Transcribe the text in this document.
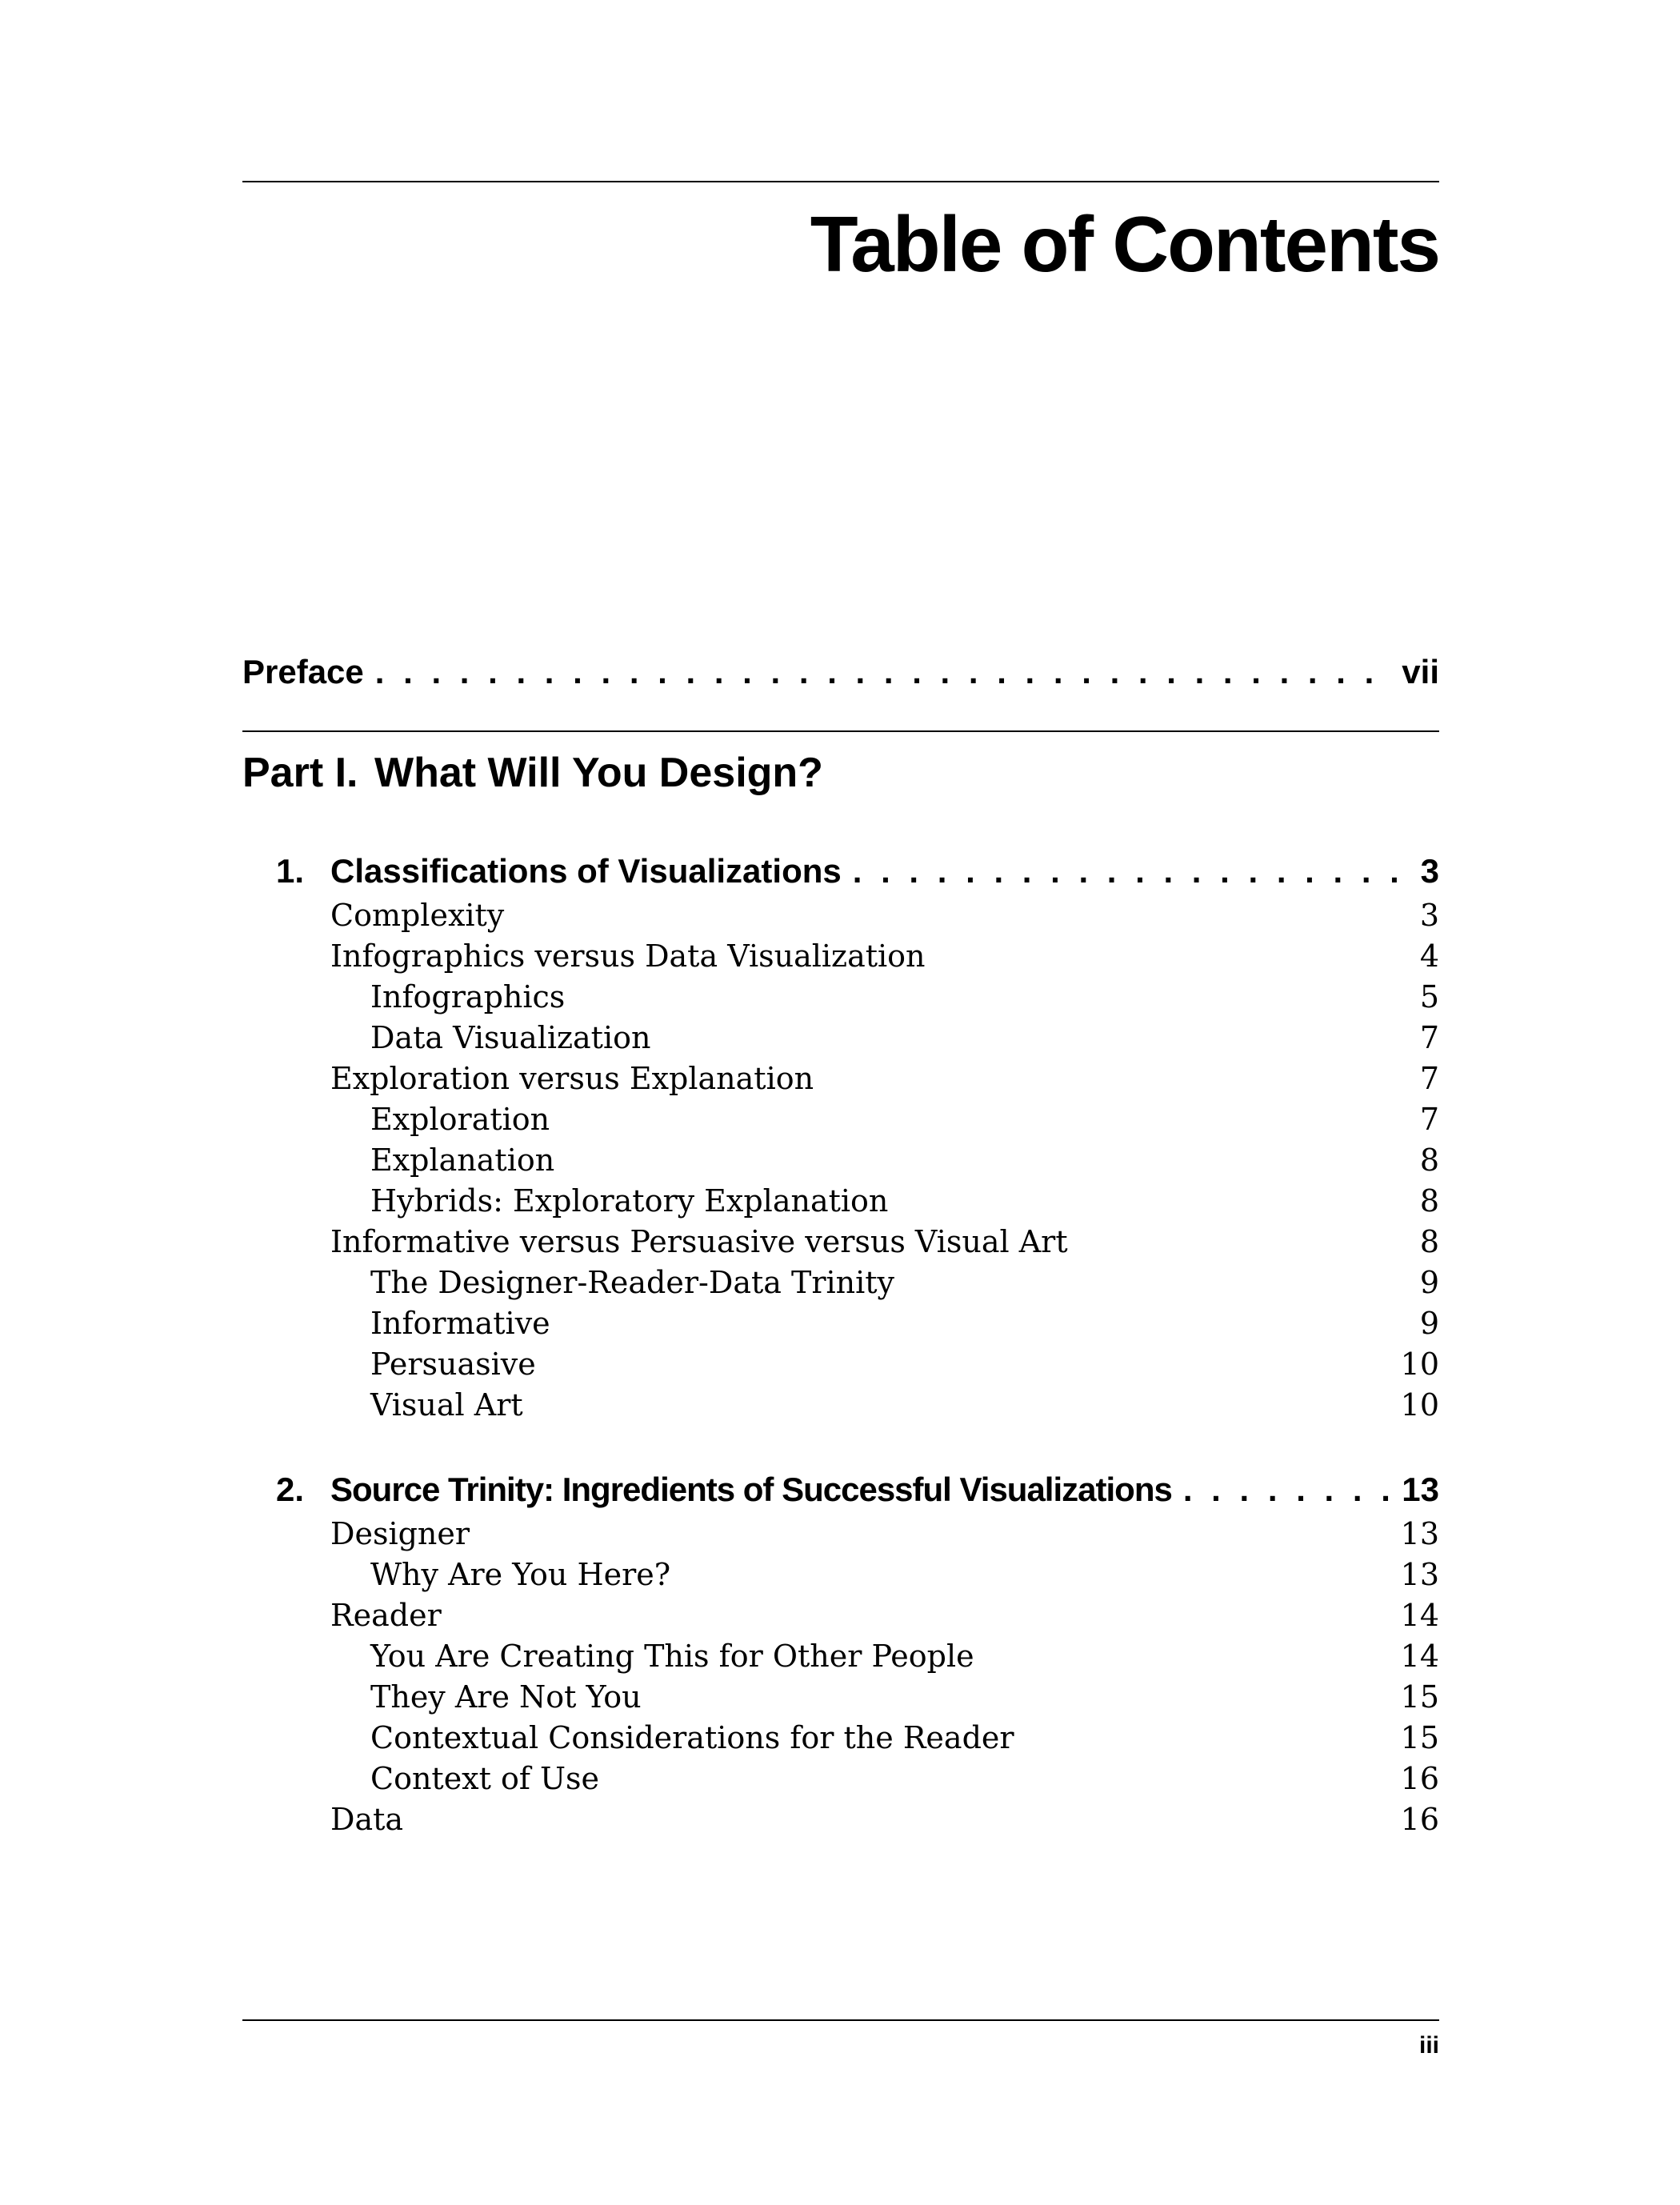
Table of Contents
Preface . . .	vii
Part I. What Will You Design?
1. Classifications of Visualizations . . .	3
Complexity	3
Infographics versus Data Visualization	4
Infographics	5
Data Visualization	7
Exploration versus Explanation	7
Exploration	7
Explanation	8
Hybrids: Exploratory Explanation	8
Informative versus Persuasive versus Visual Art	8
The Designer-Reader-Data Trinity	9
Informative	9
Persuasive	10
Visual Art	10
2. Source Trinity: Ingredients of Successful Visualizations . . .	13
Designer	13
Why Are You Here?	13
Reader	14
You Are Creating This for Other People	14
They Are Not You	15
Contextual Considerations for the Reader	15
Context of Use	16
Data	16
iii
